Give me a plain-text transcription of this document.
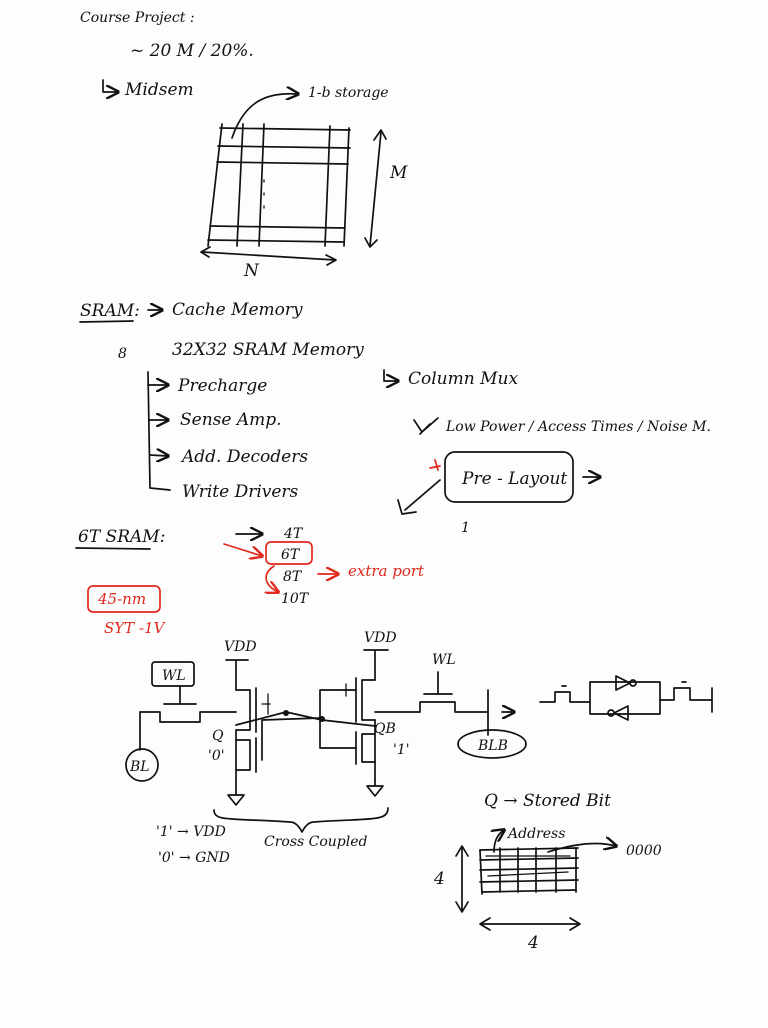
Course Project :
~ 20 M / 20%.
Midsem	1-b storage
M
N
SRAM: Cache Memory
8	32X32 SRAM Memory
Precharge
Sense Amp.
Add. Decoders
Write Drivers
Column Mux
Low Power / Access Times / Noise M.
Pre - Layout
1
6T SRAM:	4T
6T
8T	extra port
10T
45-nm
SYT -1V
VDD
VDD
WL
BL
Q
'0'
QB
'1'
WL
BLB
Cross Coupled
'1' → VDD
'0' → GND
Q → Stored Bit
Address
0000
4
4
